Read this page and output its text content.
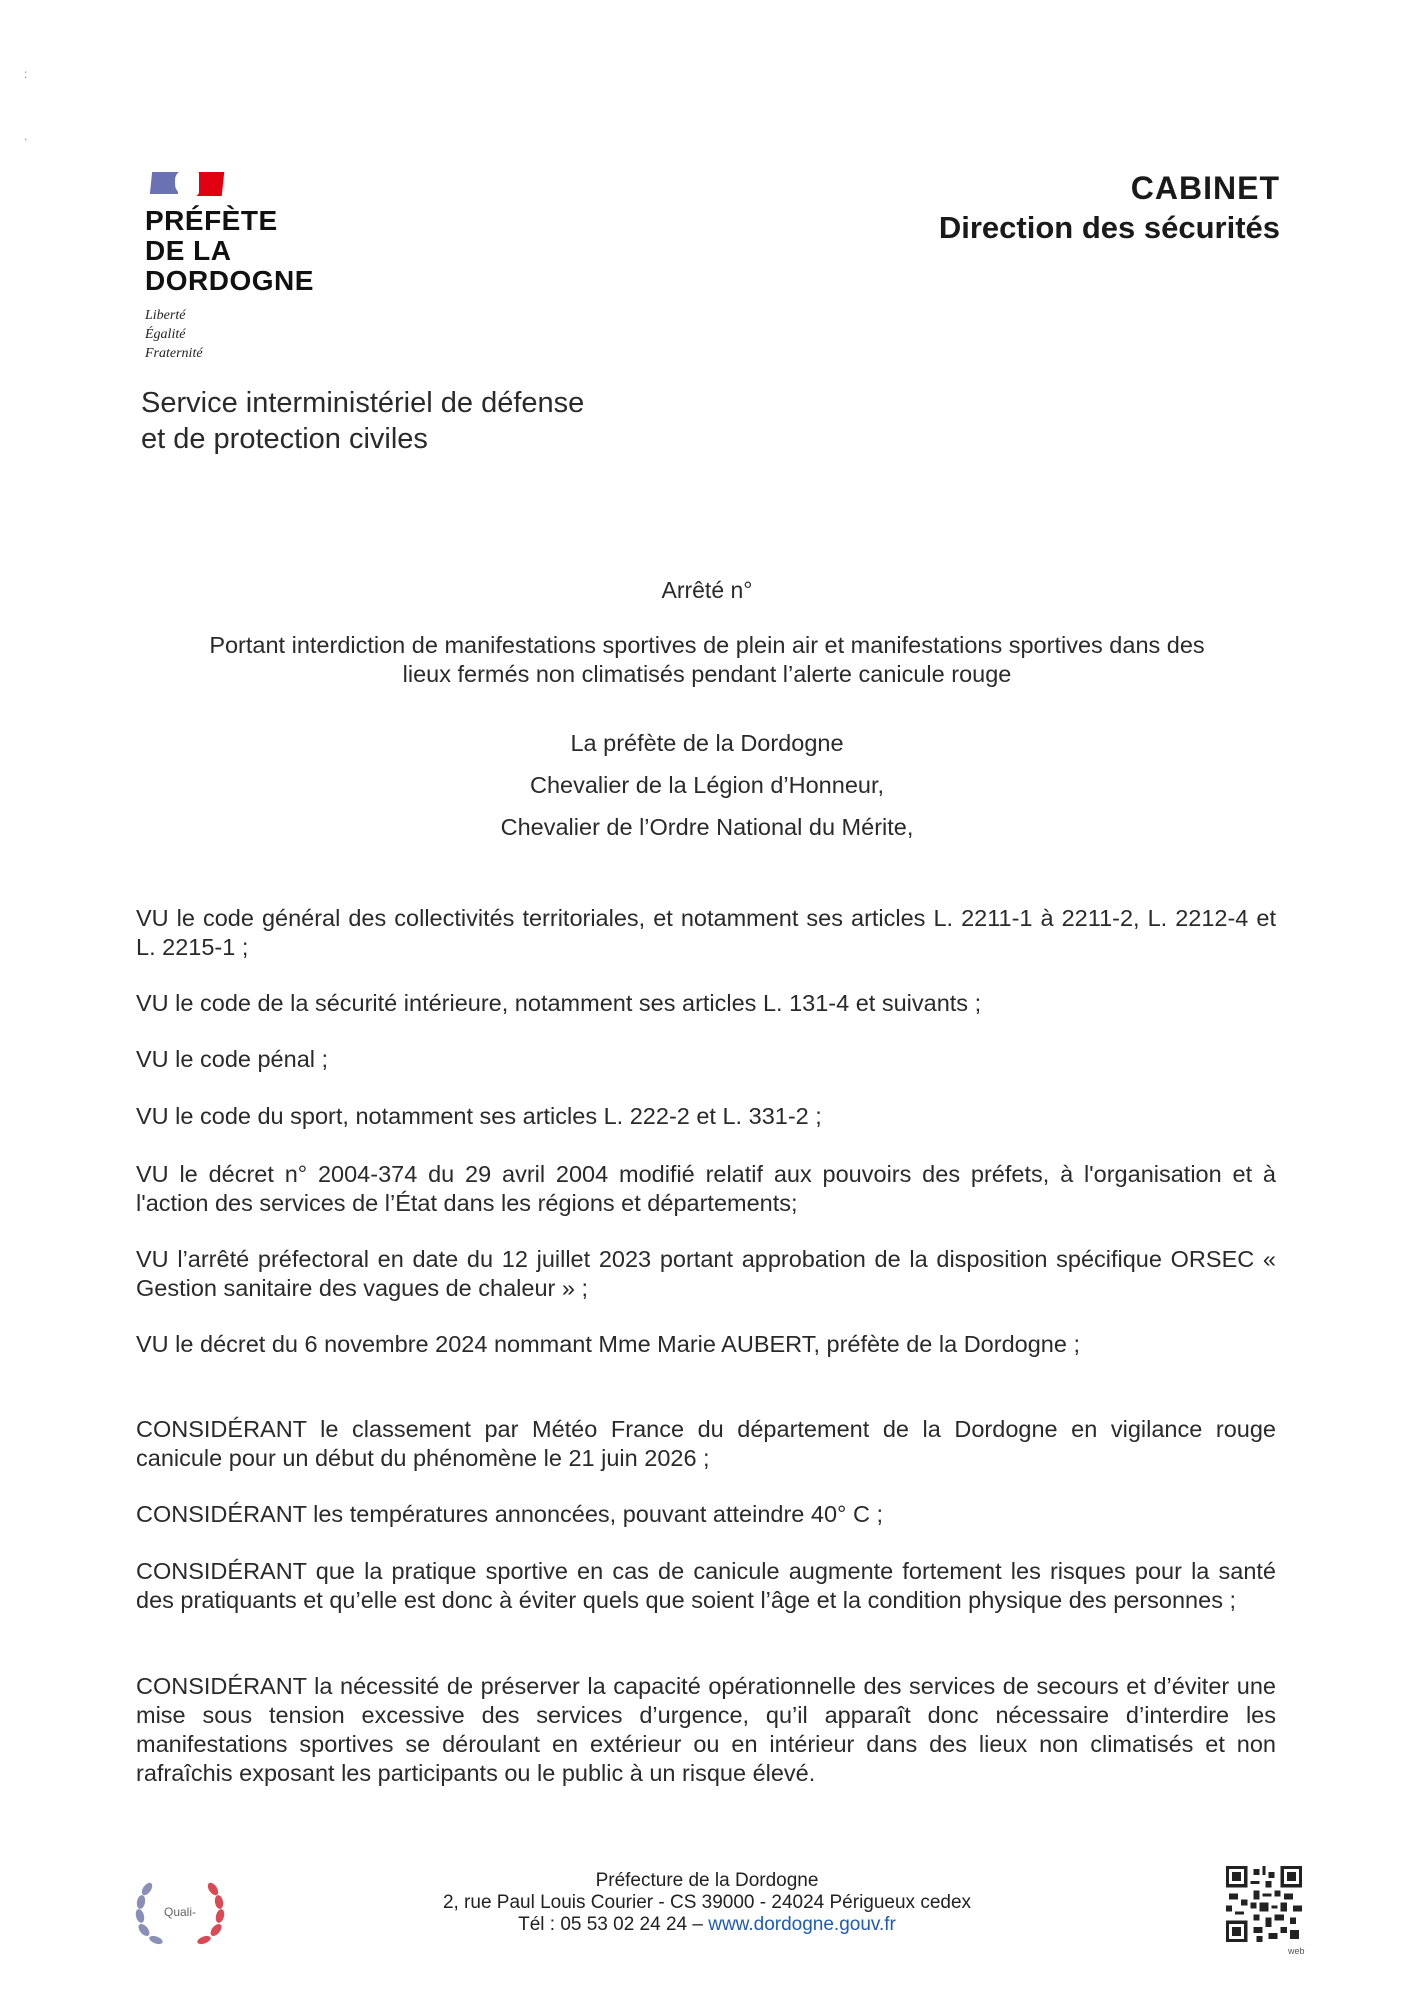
:
ˎ
PRÉFÈTE
DE LA
DORDOGNE
Liberté
Égalité
Fraternité
CABINET
Direction des sécurités
Service interministériel de défense
et de protection civiles
Arrêté n°
Portant interdiction de manifestations sportives de plein air et manifestations sportives dans des
lieux fermés non climatisés pendant l’alerte canicule rouge
La préfète de la Dordogne
Chevalier de la Légion d’Honneur,
Chevalier de l’Ordre National du Mérite,
VU le code général des collectivités territoriales, et notamment ses articles L. 2211-1 à 2211-2, L. 2212-4 et L. 2215-1 ;
VU le code de la sécurité intérieure, notamment ses articles L. 131-4 et suivants ;
VU le code pénal ;
VU le code du sport, notamment ses articles L. 222-2 et L. 331-2 ;
VU le décret n° 2004-374 du 29 avril 2004 modifié relatif aux pouvoirs des préfets, à l'organisation et à l'action des services de l’État dans les régions et départements;
VU l’arrêté préfectoral en date du 12 juillet 2023 portant approbation de la disposition spécifique ORSEC « Gestion sanitaire des vagues de chaleur » ;
VU le décret du 6 novembre 2024 nommant Mme Marie AUBERT, préfète de la Dordogne ;
CONSIDÉRANT le classement par Météo France du département de la Dordogne en vigilance rouge canicule pour un début du phénomène le 21 juin 2026 ;
CONSIDÉRANT les températures annoncées, pouvant atteindre 40° C ;
CONSIDÉRANT que la pratique sportive en cas de canicule augmente fortement les risques pour la santé des pratiquants et qu’elle est donc à éviter quels que soient l’âge et la condition physique des personnes ;
CONSIDÉRANT la nécessité de préserver la capacité opérationnelle des services de secours et d’éviter une mise sous tension excessive des services d’urgence, qu’il apparaît donc nécessaire d’interdire les manifestations sportives se déroulant en extérieur ou en intérieur dans des lieux non climatisés et non rafraîchis exposant les participants ou le public à un risque élevé.
Quali-
Préfecture de la Dordogne
2, rue Paul Louis Courier - CS 39000 - 24024 Périgueux cedex
Tél : 05 53 02 24 24 – www.dordogne.gouv.fr
web
